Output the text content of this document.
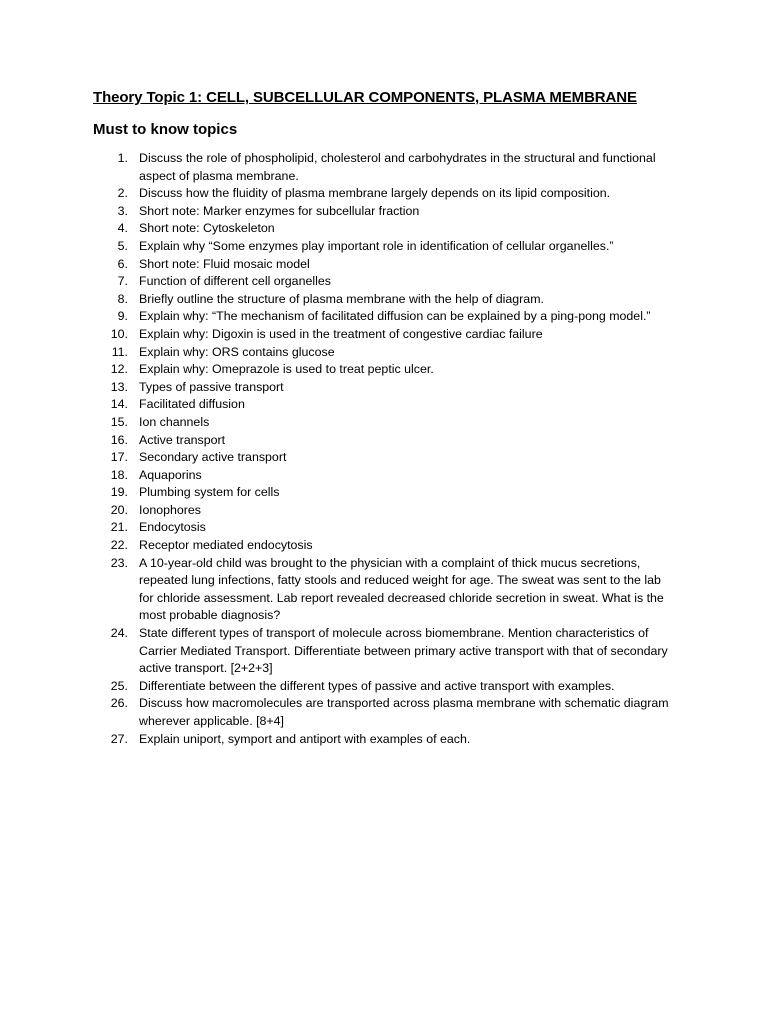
Theory Topic 1: CELL, SUBCELLULAR COMPONENTS, PLASMA MEMBRANE
Must to know topics
1. Discuss the role of phospholipid, cholesterol and carbohydrates in the structural and functional aspect of plasma membrane.
2. Discuss how the fluidity of plasma membrane largely depends on its lipid composition.
3. Short note: Marker enzymes for subcellular fraction
4. Short note: Cytoskeleton
5. Explain why “Some enzymes play important role in identification of cellular organelles.”
6. Short note: Fluid mosaic model
7. Function of different cell organelles
8. Briefly outline the structure of plasma membrane with the help of diagram.
9. Explain why: “The mechanism of facilitated diffusion can be explained by a ping-pong model.”
10. Explain why: Digoxin is used in the treatment of congestive cardiac failure
11. Explain why: ORS contains glucose
12. Explain why: Omeprazole is used to treat peptic ulcer.
13. Types of passive transport
14. Facilitated diffusion
15. Ion channels
16. Active transport
17. Secondary active transport
18. Aquaporins
19. Plumbing system for cells
20. Ionophores
21. Endocytosis
22. Receptor mediated endocytosis
23. A 10-year-old child was brought to the physician with a complaint of thick mucus secretions, repeated lung infections, fatty stools and reduced weight for age. The sweat was sent to the lab for chloride assessment. Lab report revealed decreased chloride secretion in sweat. What is the most probable diagnosis?
24. State different types of transport of molecule across biomembrane. Mention characteristics of Carrier Mediated Transport. Differentiate between primary active transport with that of secondary active transport. [2+2+3]
25. Differentiate between the different types of passive and active transport with examples.
26. Discuss how macromolecules are transported across plasma membrane with schematic diagram wherever applicable. [8+4]
27. Explain uniport, symport and antiport with examples of each.
